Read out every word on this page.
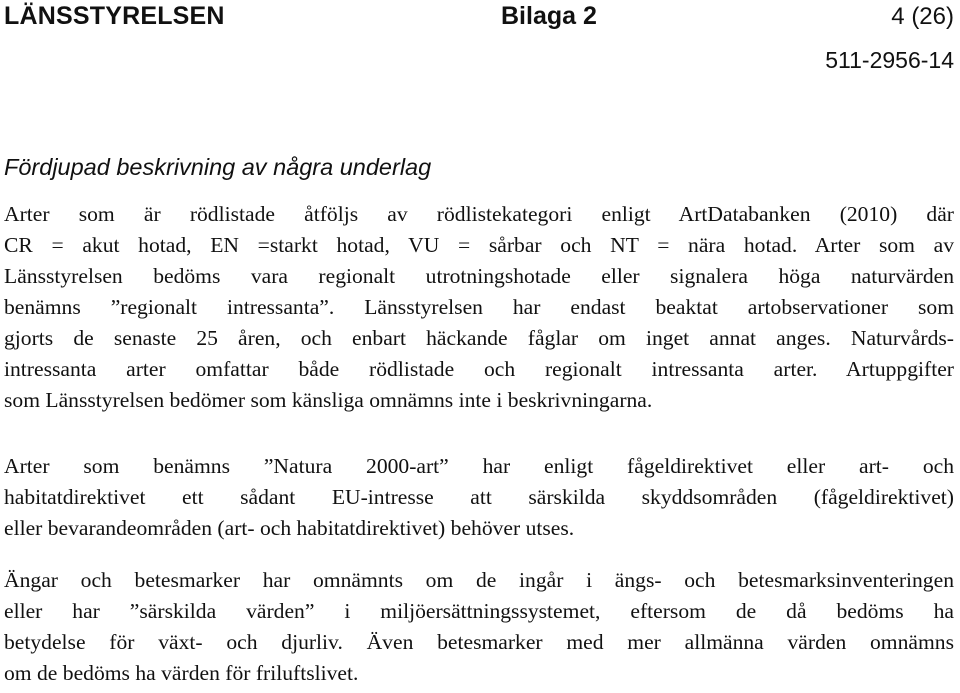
LÄNSSTYRELSEN	Bilaga 2	4 (26)
511-2956-14
Fördjupad beskrivning av några underlag

Arter som är rödlistade åtföljs av rödlistekategori enligt ArtDatabanken (2010) där
CR = akut hotad, EN =starkt hotad, VU = sårbar och NT = nära hotad. Arter som av
Länsstyrelsen bedöms vara regionalt utrotningshotade eller signalera höga naturvärden
benämns ”regionalt intressanta”. Länsstyrelsen har endast beaktat artobservationer som
gjorts de senaste 25 åren, och enbart häckande fåglar om inget annat anges. Naturvårds-
intressanta arter omfattar både rödlistade och regionalt intressanta arter. Artuppgifter
som Länsstyrelsen bedömer som känsliga omnämns inte i beskrivningarna.

Arter som benämns ”Natura 2000-art” har enligt fågeldirektivet eller art- och
habitatdirektivet ett sådant EU-intresse att särskilda skyddsområden (fågeldirektivet)
eller bevarandeområden (art- och habitatdirektivet) behöver utses.

Ängar och betesmarker har omnämnts om de ingår i ängs- och betesmarksinventeringen
eller har ”särskilda värden” i miljöersättningssystemet, eftersom de då bedöms ha
betydelse för växt- och djurliv. Även betesmarker med mer allmänna värden omnämns
om de bedöms ha värden för friluftslivet.
